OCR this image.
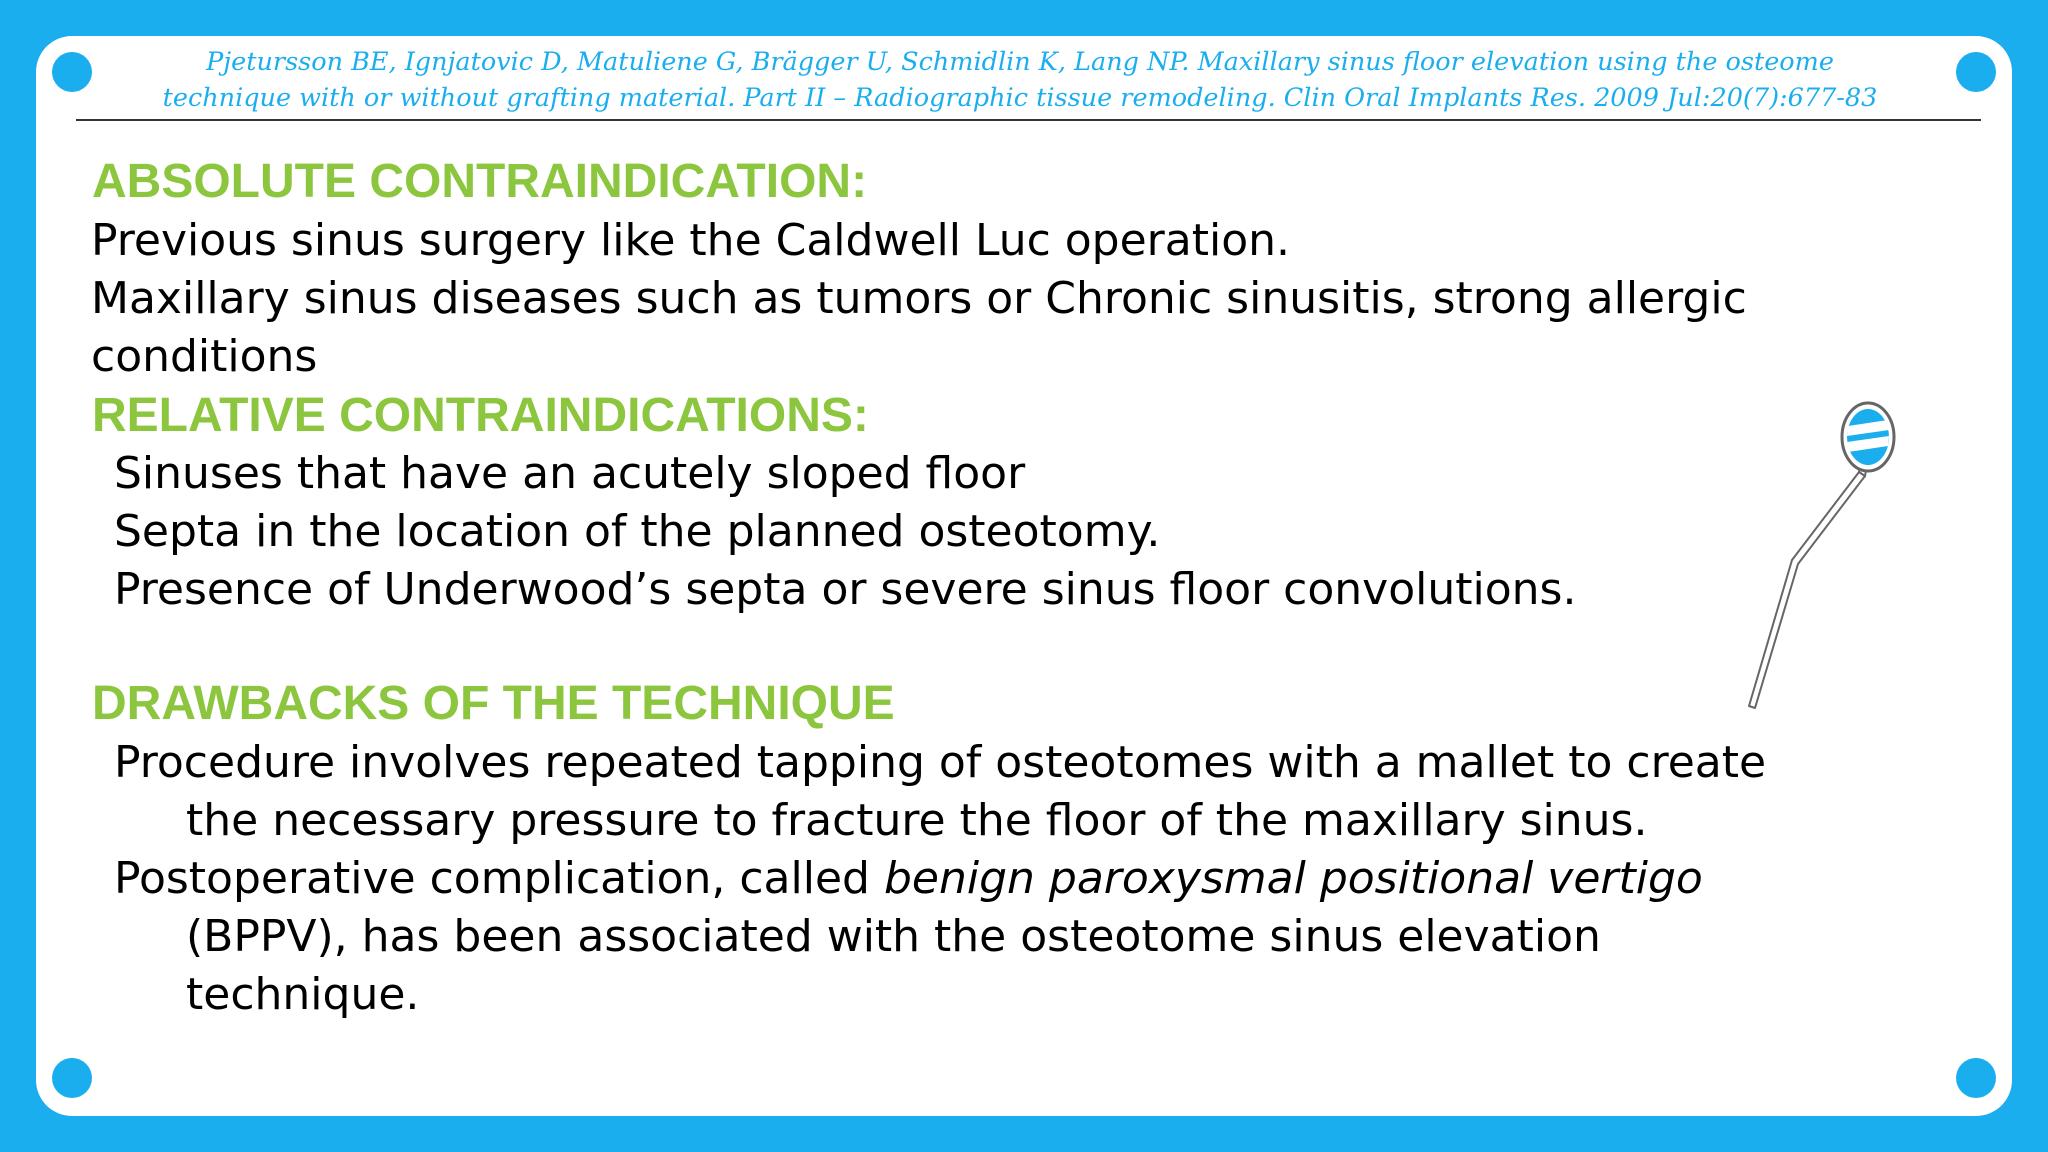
Pjetursson BE, Ignjatovic D, Matuliene G, Brägger U, Schmidlin K, Lang NP. Maxillary sinus floor elevation using the osteome
technique with or without grafting material. Part II – Radiographic tissue remodeling. Clin Oral Implants Res. 2009 Jul:20(7):677-83

ABSOLUTE CONTRAINDICATION:

Previous sinus surgery like the Caldwell Luc operation.

Maxillary sinus diseases such as tumors or Chronic sinusitis, strong allergic

conditions

RELATIVE CONTRAINDICATIONS:

Sinuses that have an acutely sloped floor

Septa in the location of the planned osteotomy.

Presence of Underwood’s septa or severe sinus floor convolutions.

DRAWBACKS OF THE TECHNIQUE

Procedure involves repeated tapping of osteotomes with a mallet to create

the necessary pressure to fracture the floor of the maxillary sinus.

Postoperative complication, called benign paroxysmal positional vertigo

(BPPV), has been associated with the osteotome sinus elevation

technique.
